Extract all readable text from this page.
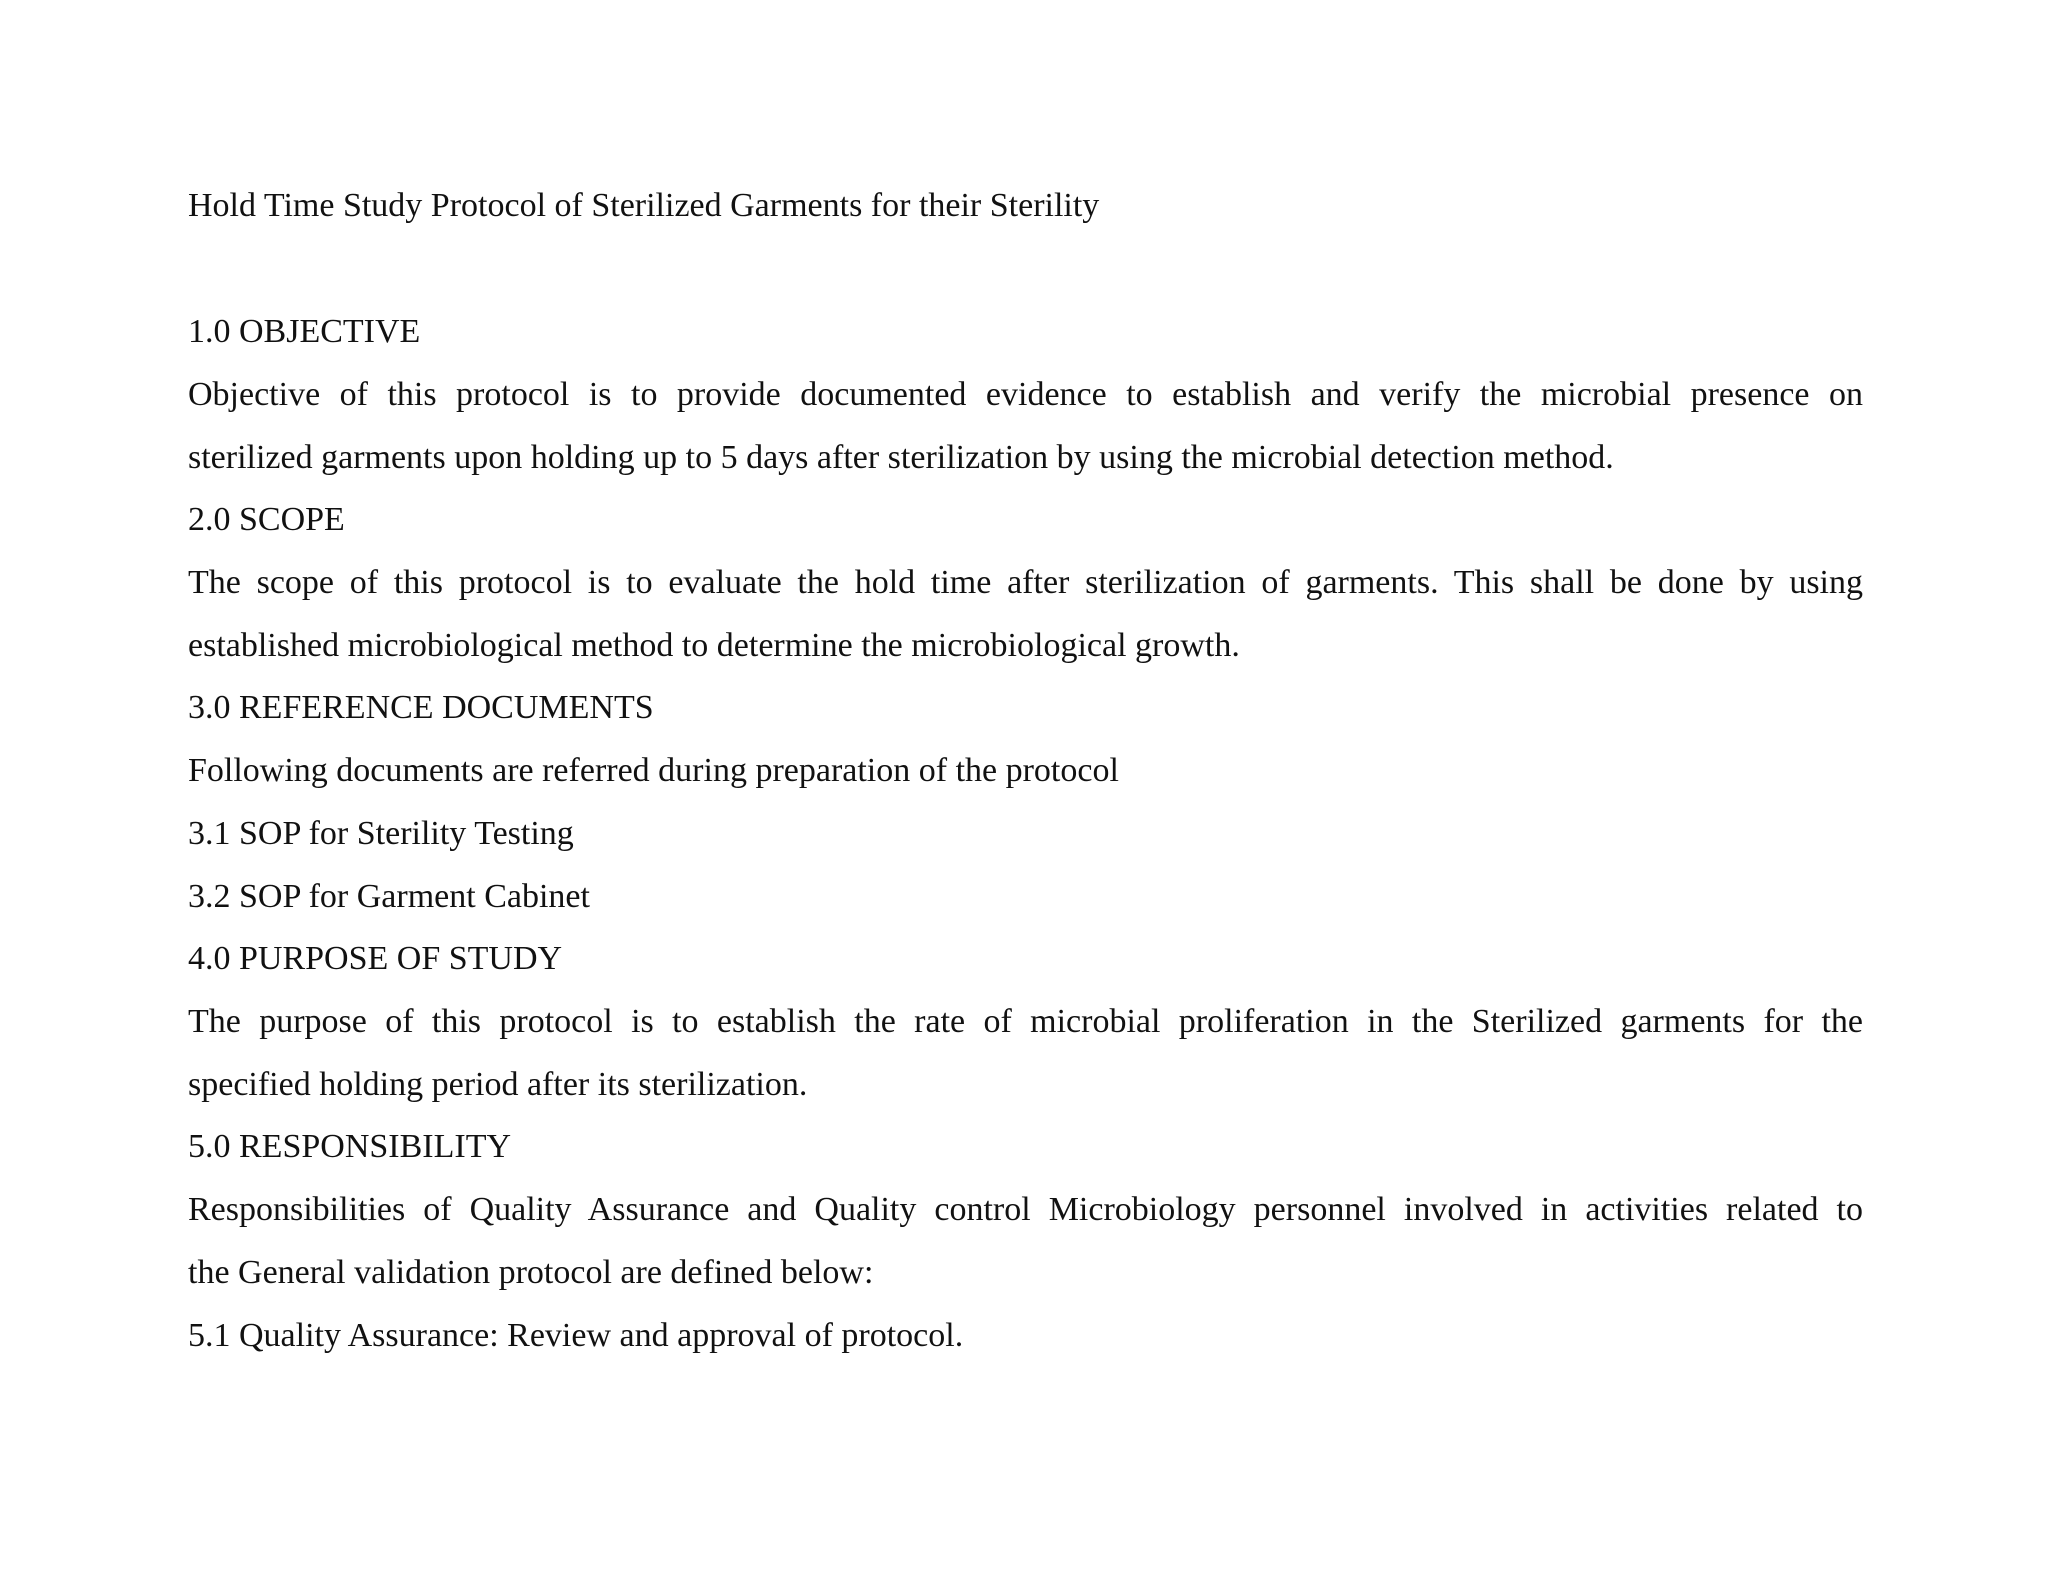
Hold Time Study Protocol of Sterilized Garments for their Sterility
1.0 OBJECTIVE
Objective of this protocol is to provide documented evidence to establish and verify the microbial presence on
sterilized garments upon holding up to 5 days after sterilization by using the microbial detection method.
2.0 SCOPE
The scope of this protocol is to evaluate the hold time after sterilization of garments. This shall be done by using
established microbiological method to determine the microbiological growth.
3.0 REFERENCE DOCUMENTS
Following documents are referred during preparation of the protocol
3.1 SOP for Sterility Testing
3.2 SOP for Garment Cabinet
4.0 PURPOSE OF STUDY
The purpose of this protocol is to establish the rate of microbial proliferation in the Sterilized garments for the
specified holding period after its sterilization.
5.0 RESPONSIBILITY
Responsibilities of Quality Assurance and Quality control Microbiology personnel involved in activities related to
the General validation protocol are defined below:
5.1 Quality Assurance: Review and approval of protocol.
